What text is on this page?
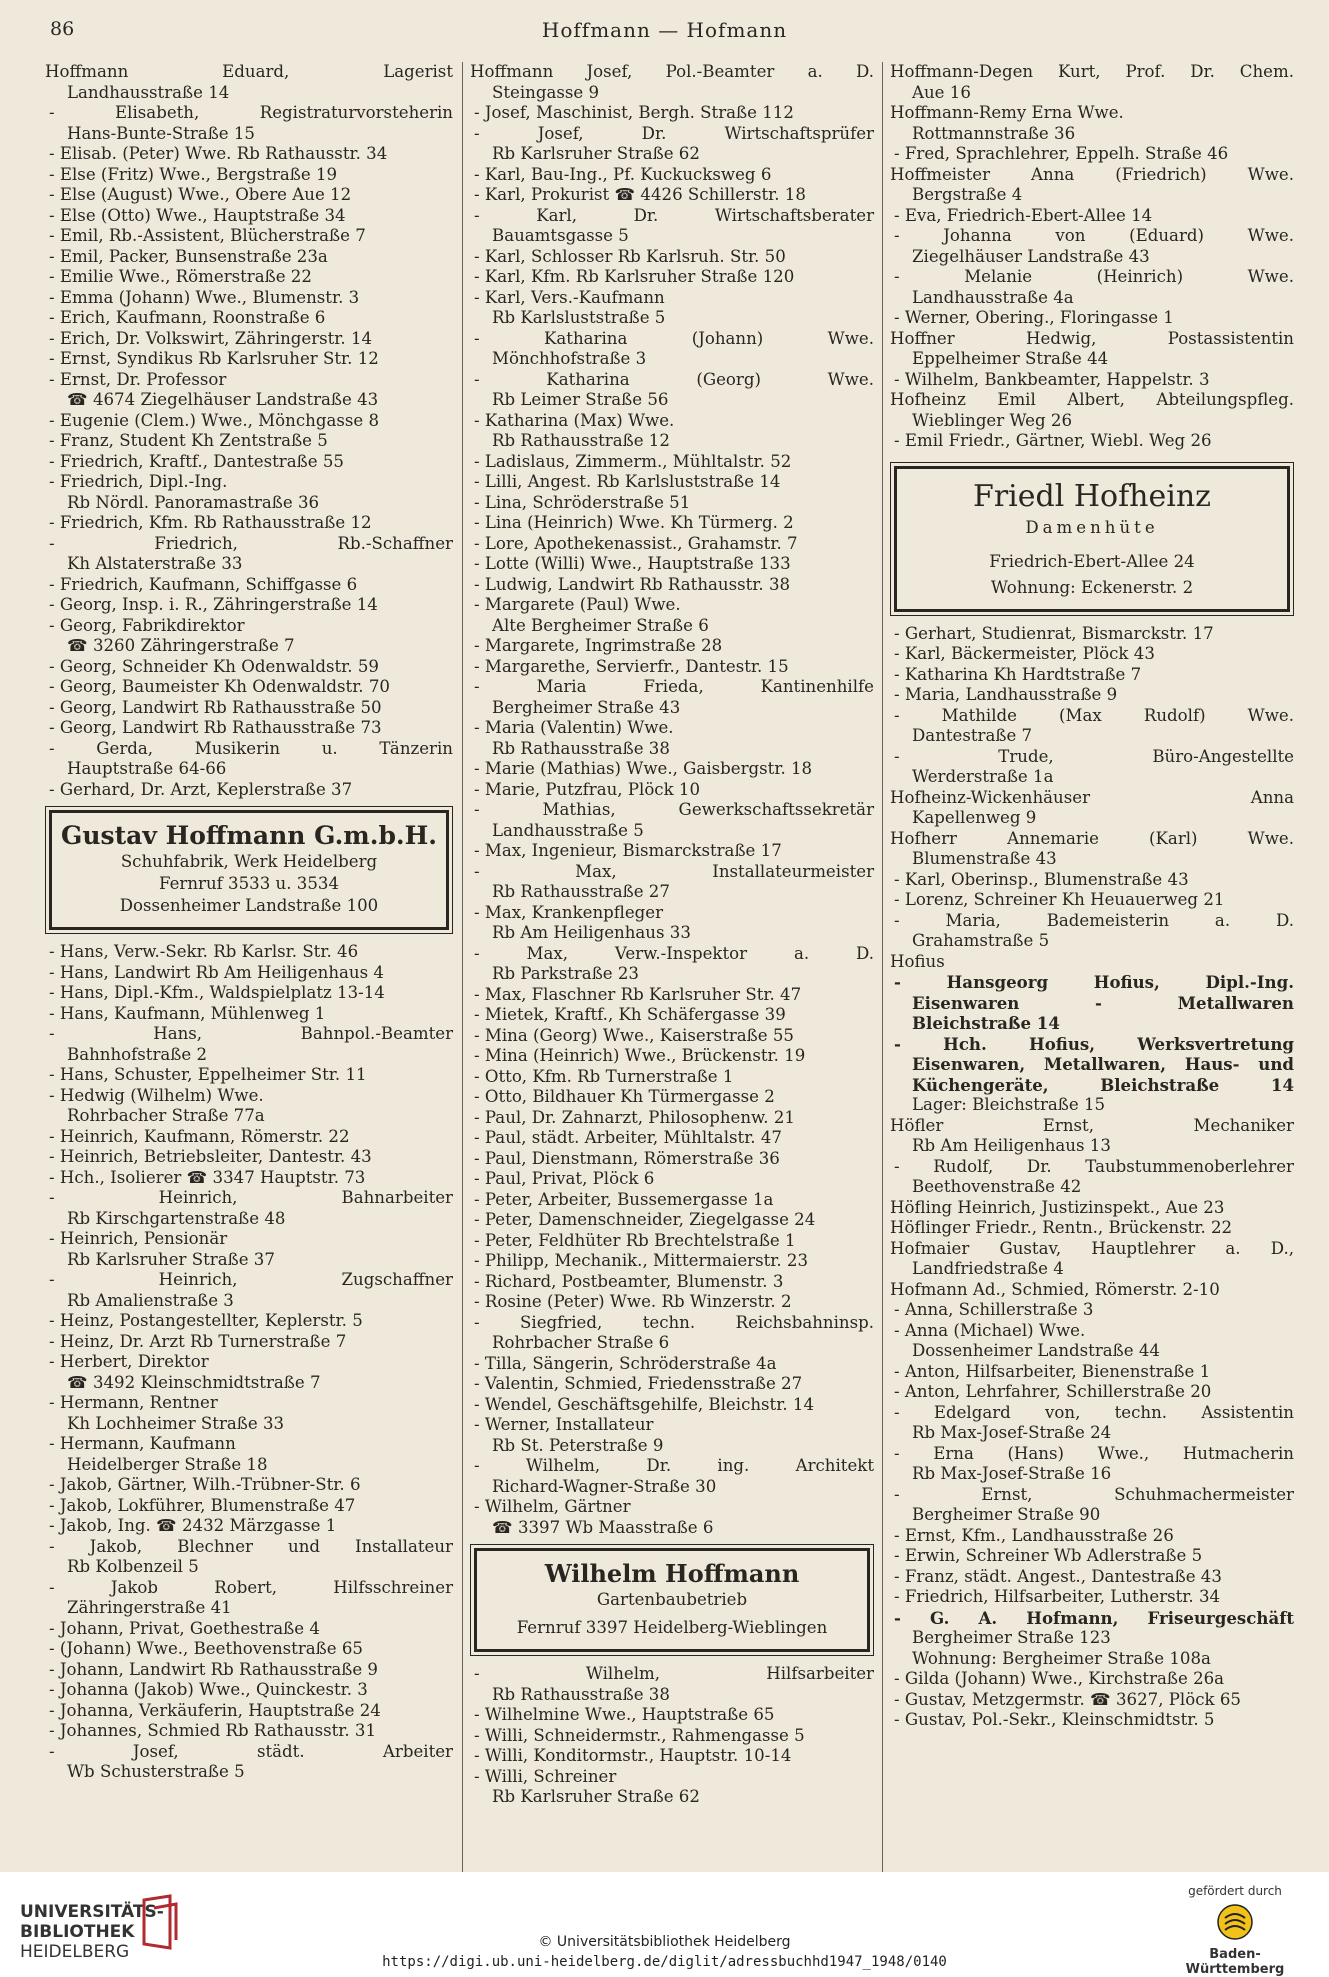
86	Hoffmann — Hofmann
Hoffmann Eduard, Lagerist
Landhausstraße 14
- Elisabeth, Registraturvorsteherin
Hans-Bunte-Straße 15
- Elisab. (Peter) Wwe. Rb Rathausstr. 34
- Else (Fritz) Wwe., Bergstraße 19
- Else (August) Wwe., Obere Aue 12
- Else (Otto) Wwe., Hauptstraße 34
- Emil, Rb.-Assistent, Blücherstraße 7
- Emil, Packer, Bunsenstraße 23a
- Emilie Wwe., Römerstraße 22
- Emma (Johann) Wwe., Blumenstr. 3
- Erich, Kaufmann, Roonstraße 6
- Erich, Dr. Volkswirt, Zähringerstr. 14
- Ernst, Syndikus Rb Karlsruher Str. 12
- Ernst, Dr. Professor
☎ 4674 Ziegelhäuser Landstraße 43
- Eugenie (Clem.) Wwe., Mönchgasse 8
- Franz, Student Kh Zentstraße 5
- Friedrich, Kraftf., Dantestraße 55
- Friedrich, Dipl.-Ing.
Rb Nördl. Panoramastraße 36
- Friedrich, Kfm. Rb Rathausstraße 12
- Friedrich, Rb.-Schaffner
Kh Alstaterstraße 33
- Friedrich, Kaufmann, Schiffgasse 6
- Georg, Insp. i. R., Zähringerstraße 14
- Georg, Fabrikdirektor
☎ 3260 Zähringerstraße 7
- Georg, Schneider Kh Odenwaldstr. 59
- Georg, Baumeister Kh Odenwaldstr. 70
- Georg, Landwirt Rb Rathausstraße 50
- Georg, Landwirt Rb Rathausstraße 73
- Gerda, Musikerin u. Tänzerin
Hauptstraße 64-66
- Gerhard, Dr. Arzt, Keplerstraße 37
Gustav Hoffmann G.m.b.H.
Schuhfabrik, Werk Heidelberg
Fernruf 3533 u. 3534
Dossenheimer Landstraße 100
- Hans, Verw.-Sekr. Rb Karlsr. Str. 46
- Hans, Landwirt Rb Am Heiligenhaus 4
- Hans, Dipl.-Kfm., Waldspielplatz 13-14
- Hans, Kaufmann, Mühlenweg 1
- Hans, Bahnpol.-Beamter
Bahnhofstraße 2
- Hans, Schuster, Eppelheimer Str. 11
- Hedwig (Wilhelm) Wwe.
Rohrbacher Straße 77a
- Heinrich, Kaufmann, Römerstr. 22
- Heinrich, Betriebsleiter, Dantestr. 43
- Hch., Isolierer ☎ 3347 Hauptstr. 73
- Heinrich, Bahnarbeiter
Rb Kirschgartenstraße 48
- Heinrich, Pensionär
Rb Karlsruher Straße 37
- Heinrich, Zugschaffner
Rb Amalienstraße 3
- Heinz, Postangestellter, Keplerstr. 5
- Heinz, Dr. Arzt Rb Turnerstraße 7
- Herbert, Direktor
☎ 3492 Kleinschmidtstraße 7
- Hermann, Rentner
Kh Lochheimer Straße 33
- Hermann, Kaufmann
Heidelberger Straße 18
- Jakob, Gärtner, Wilh.-Trübner-Str. 6
- Jakob, Lokführer, Blumenstraße 47
- Jakob, Ing. ☎ 2432 Märzgasse 1
- Jakob, Blechner und Installateur
Rb Kolbenzeil 5
- Jakob Robert, Hilfsschreiner
Zähringerstraße 41
- Johann, Privat, Goethestraße 4
- (Johann) Wwe., Beethovenstraße 65
- Johann, Landwirt Rb Rathausstraße 9
- Johanna (Jakob) Wwe., Quinckestr. 3
- Johanna, Verkäuferin, Hauptstraße 24
- Johannes, Schmied Rb Rathausstr. 31
- Josef, städt. Arbeiter
Wb Schusterstraße 5
Hoffmann Josef, Pol.-Beamter a. D.
Steingasse 9
- Josef, Maschinist, Bergh. Straße 112
- Josef, Dr. Wirtschaftsprüfer
Rb Karlsruher Straße 62
- Karl, Bau-Ing., Pf. Kuckucksweg 6
- Karl, Prokurist ☎ 4426 Schillerstr. 18
- Karl, Dr. Wirtschaftsberater
Bauamtsgasse 5
- Karl, Schlosser Rb Karlsruh. Str. 50
- Karl, Kfm. Rb Karlsruher Straße 120
- Karl, Vers.-Kaufmann
Rb Karlsluststraße 5
- Katharina (Johann) Wwe.
Mönchhofstraße 3
- Katharina (Georg) Wwe.
Rb Leimer Straße 56
- Katharina (Max) Wwe.
Rb Rathausstraße 12
- Ladislaus, Zimmerm., Mühltalstr. 52
- Lilli, Angest. Rb Karlsluststraße 14
- Lina, Schröderstraße 51
- Lina (Heinrich) Wwe. Kh Türmerg. 2
- Lore, Apothekenassist., Grahamstr. 7
- Lotte (Willi) Wwe., Hauptstraße 133
- Ludwig, Landwirt Rb Rathausstr. 38
- Margarete (Paul) Wwe.
Alte Bergheimer Straße 6
- Margarete, Ingrimstraße 28
- Margarethe, Servierfr., Dantestr. 15
- Maria Frieda, Kantinenhilfe
Bergheimer Straße 43
- Maria (Valentin) Wwe.
Rb Rathausstraße 38
- Marie (Mathias) Wwe., Gaisbergstr. 18
- Marie, Putzfrau, Plöck 10
- Mathias, Gewerkschaftssekretär
Landhausstraße 5
- Max, Ingenieur, Bismarckstraße 17
- Max, Installateurmeister
Rb Rathausstraße 27
- Max, Krankenpfleger
Rb Am Heiligenhaus 33
- Max, Verw.-Inspektor a. D.
Rb Parkstraße 23
- Max, Flaschner Rb Karlsruher Str. 47
- Mietek, Kraftf., Kh Schäfergasse 39
- Mina (Georg) Wwe., Kaiserstraße 55
- Mina (Heinrich) Wwe., Brückenstr. 19
- Otto, Kfm. Rb Turnerstraße 1
- Otto, Bildhauer Kh Türmergasse 2
- Paul, Dr. Zahnarzt, Philosophenw. 21
- Paul, städt. Arbeiter, Mühltalstr. 47
- Paul, Dienstmann, Römerstraße 36
- Paul, Privat, Plöck 6
- Peter, Arbeiter, Bussemergasse 1a
- Peter, Damenschneider, Ziegelgasse 24
- Peter, Feldhüter Rb Brechtelstraße 1
- Philipp, Mechanik., Mittermaierstr. 23
- Richard, Postbeamter, Blumenstr. 3
- Rosine (Peter) Wwe. Rb Winzerstr. 2
- Siegfried, techn. Reichsbahninsp.
Rohrbacher Straße 6
- Tilla, Sängerin, Schröderstraße 4a
- Valentin, Schmied, Friedensstraße 27
- Wendel, Geschäftsgehilfe, Bleichstr. 14
- Werner, Installateur
Rb St. Peterstraße 9
- Wilhelm, Dr. ing. Architekt
Richard-Wagner-Straße 30
- Wilhelm, Gärtner
☎ 3397 Wb Maasstraße 6
Wilhelm Hoffmann
Gartenbaubetrieb
Fernruf 3397 Heidelberg-Wieblingen
- Wilhelm, Hilfsarbeiter
Rb Rathausstraße 38
- Wilhelmine Wwe., Hauptstraße 65
- Willi, Schneidermstr., Rahmengasse 5
- Willi, Konditormstr., Hauptstr. 10-14
- Willi, Schreiner
Rb Karlsruher Straße 62
Hoffmann-Degen Kurt, Prof. Dr. Chem.
Aue 16
Hoffmann-Remy Erna Wwe.
Rottmannstraße 36
- Fred, Sprachlehrer, Eppelh. Straße 46
Hoffmeister Anna (Friedrich) Wwe.
Bergstraße 4
- Eva, Friedrich-Ebert-Allee 14
- Johanna von (Eduard) Wwe.
Ziegelhäuser Landstraße 43
- Melanie (Heinrich) Wwe.
Landhausstraße 4a
- Werner, Obering., Floringasse 1
Hoffner Hedwig, Postassistentin
Eppelheimer Straße 44
- Wilhelm, Bankbeamter, Happelstr. 3
Hofheinz Emil Albert, Abteilungspfleg.
Wieblinger Weg 26
- Emil Friedr., Gärtner, Wiebl. Weg 26
Friedl Hofheinz
Damenhüte
Friedrich-Ebert-Allee 24
Wohnung: Eckenerstr. 2
- Gerhart, Studienrat, Bismarckstr. 17
- Karl, Bäckermeister, Plöck 43
- Katharina Kh Hardtstraße 7
- Maria, Landhausstraße 9
- Mathilde (Max Rudolf) Wwe.
Dantestraße 7
- Trude, Büro-Angestellte
Werderstraße 1a
Hofheinz-Wickenhäuser Anna
Kapellenweg 9
Hofherr Annemarie (Karl) Wwe.
Blumenstraße 43
- Karl, Oberinsp., Blumenstraße 43
- Lorenz, Schreiner Kh Heuauerweg 21
- Maria, Bademeisterin a. D.
Grahamstraße 5
Hofius
- Hansgeorg Hofius, Dipl.-Ing.
Eisenwaren - Metallwaren
Bleichstraße 14
- Hch. Hofius, Werksvertretung
Eisenwaren, Metallwaren, Haus- und
Küchengeräte, Bleichstraße 14
Lager: Bleichstraße 15
Höfler Ernst, Mechaniker
Rb Am Heiligenhaus 13
- Rudolf, Dr. Taubstummenoberlehrer
Beethovenstraße 42
Höfling Heinrich, Justizinspekt., Aue 23
Höflinger Friedr., Rentn., Brückenstr. 22
Hofmaier Gustav, Hauptlehrer a. D.,
Landfriedstraße 4
Hofmann Ad., Schmied, Römerstr. 2-10
- Anna, Schillerstraße 3
- Anna (Michael) Wwe.
Dossenheimer Landstraße 44
- Anton, Hilfsarbeiter, Bienenstraße 1
- Anton, Lehrfahrer, Schillerstraße 20
- Edelgard von, techn. Assistentin
Rb Max-Josef-Straße 24
- Erna (Hans) Wwe., Hutmacherin
Rb Max-Josef-Straße 16
- Ernst, Schuhmachermeister
Bergheimer Straße 90
- Ernst, Kfm., Landhausstraße 26
- Erwin, Schreiner Wb Adlerstraße 5
- Franz, städt. Angest., Dantestraße 43
- Friedrich, Hilfsarbeiter, Lutherstr. 34
- G. A. Hofmann, Friseurgeschäft
Bergheimer Straße 123
Wohnung: Bergheimer Straße 108a
- Gilda (Johann) Wwe., Kirchstraße 26a
- Gustav, Metzgermstr. ☎ 3627, Plöck 65
- Gustav, Pol.-Sekr., Kleinschmidtstr. 5
UNIVERSITÄTS-
BIBLIOTHEK
HEIDELBERG	© Universitätsbibliothek Heidelberg
https://digi.ub.uni-heidelberg.de/diglit/adressbuchhd1947_1948/0140
gefördert durch
Baden-Württemberg
